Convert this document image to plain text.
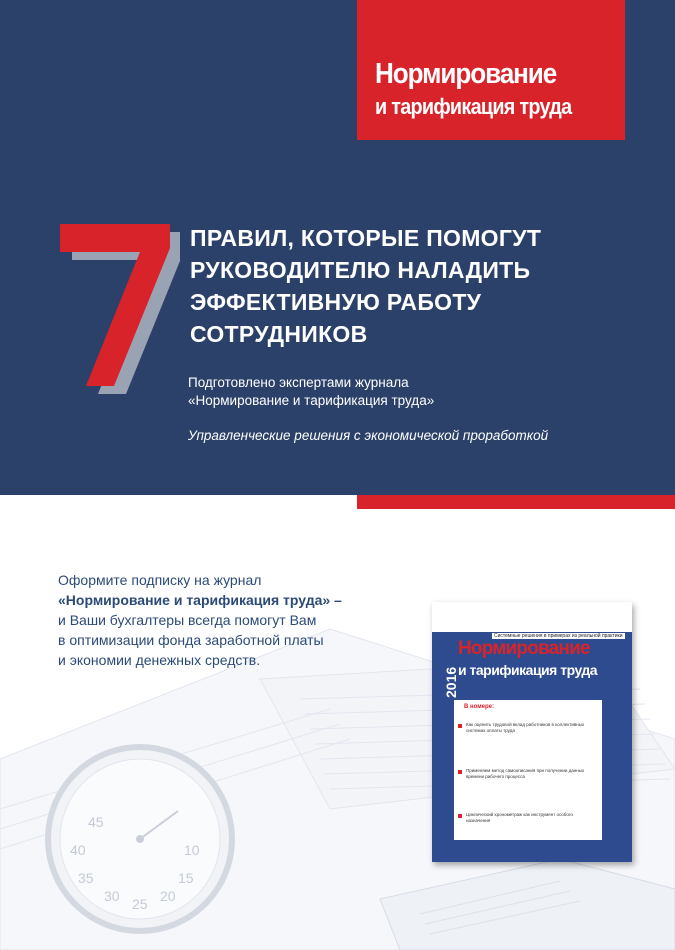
Нормирование
и тарификация труда
7
ПРАВИЛ, КОТОРЫЕ ПОМОГУТ
РУКОВОДИТЕЛЮ НАЛАДИТЬ
ЭФФЕКТИВНУЮ РАБОТУ
СОТРУДНИКОВ
Подготовлено экспертами журнала
«Нормирование и тарификация труда»
Управленческие решения с экономической проработкой
45
40
35
30 25 20
10
15
Оформите подписку на журнал
«Нормирование и тарификация труда» –
и Ваши бухгалтеры всегда помогут Вам
в оптимизации фонда заработной платы
и экономии денежных средств.
Системные решения в примерах из реальной практики
2016
Нормирование
и тарификация труда
В номере:
Как оценить трудовой вклад работников в коллективных системах оплаты труда
Применяем метод самоописания при получении данных времени рабочего процесса
Циклический хронометраж как инструмент особого назначения
